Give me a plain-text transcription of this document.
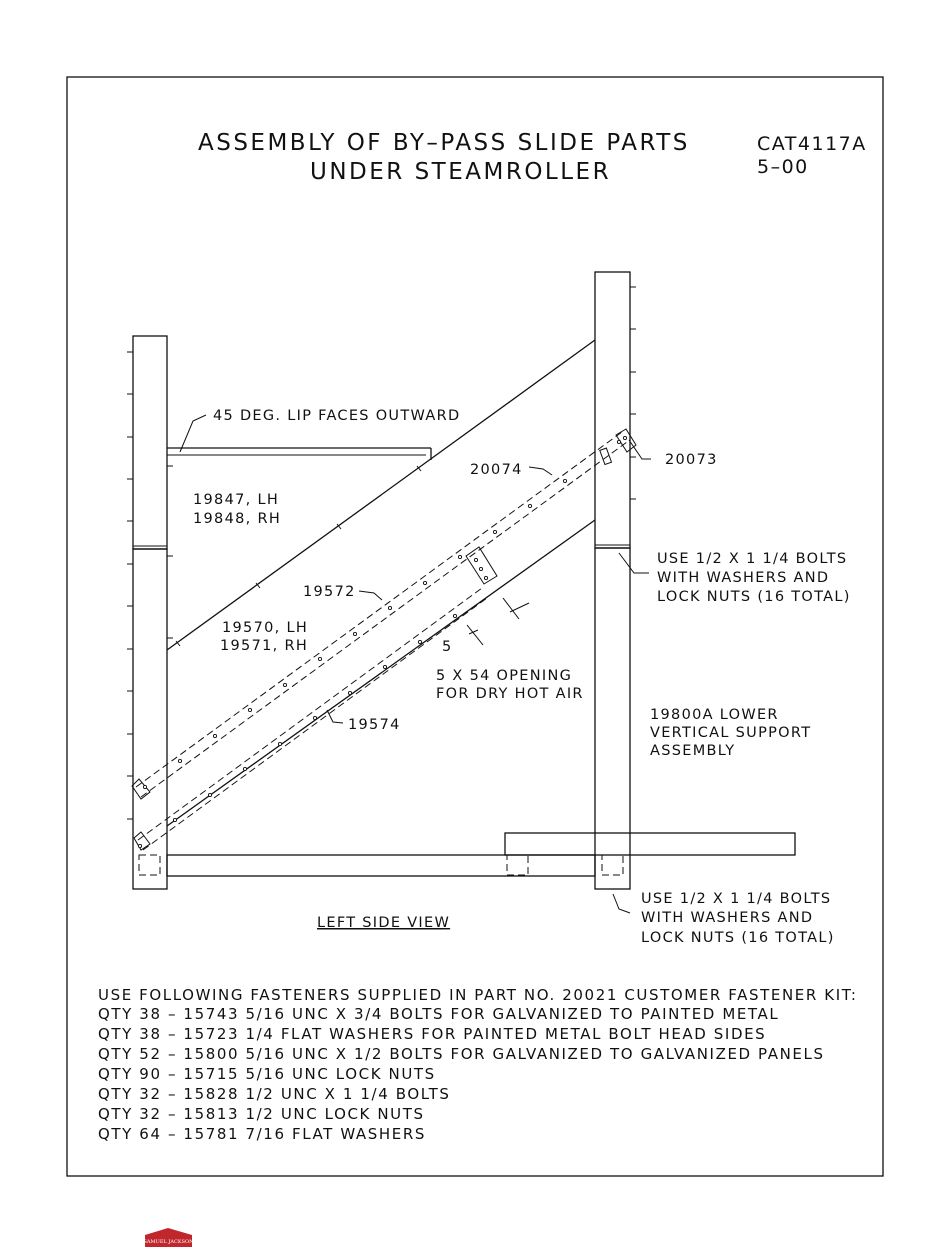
ASSEMBLY OF BY–PASS SLIDE PARTS
UNDER STEAMROLLER
CAT4117A
5–00
45 DEG. LIP FACES OUTWARD
19847, LH
19848, RH
20074
20073
19572
19570, LH
19571, RH	5
5 X 54 OPENING
FOR DRY HOT AIR
19574
USE 1/2 X 1 1/4 BOLTS
WITH WASHERS AND
LOCK NUTS (16 TOTAL)
19800A LOWER
VERTICAL SUPPORT
ASSEMBLY
USE 1/2 X 1 1/4 BOLTS
WITH WASHERS AND
LOCK NUTS (16 TOTAL)
LEFT SIDE VIEW
USE FOLLOWING FASTENERS SUPPLIED IN PART NO. 20021 CUSTOMER FASTENER KIT:
QTY 38 – 15743 5/16 UNC X 3/4 BOLTS FOR GALVANIZED TO PAINTED METAL
QTY 38 – 15723 1/4 FLAT WASHERS FOR PAINTED METAL BOLT HEAD SIDES
QTY 52 – 15800 5/16 UNC X 1/2 BOLTS FOR GALVANIZED TO GALVANIZED PANELS
QTY 90 – 15715 5/16 UNC LOCK NUTS
QTY 32 – 15828 1/2 UNC X 1 1/4 BOLTS
QTY 32 – 15813 1/2 UNC LOCK NUTS
QTY 64 – 15781 7/16 FLAT WASHERS
SAMUEL JACKSON
